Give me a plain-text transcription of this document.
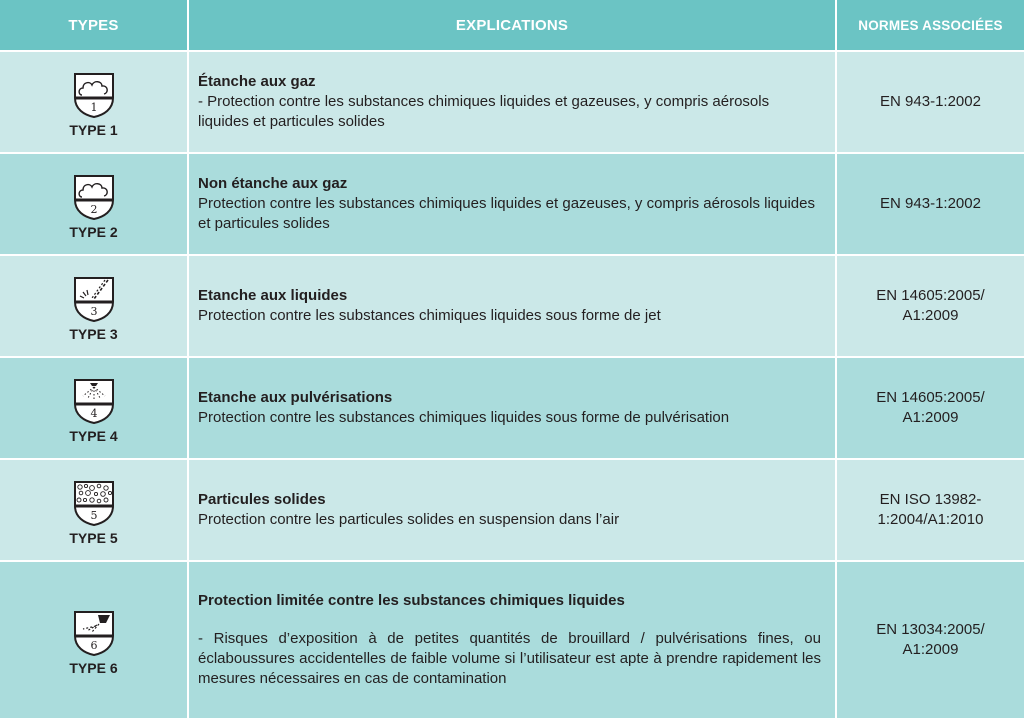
TYPES	EXPLICATIONS	NORMES ASSOCIÉES
1
TYPE 1
Étanche aux gaz
- Protection contre les substances chimiques liquides et gazeuses, y compris aérosols liquides et particules solides
EN 943-1:2002
2
TYPE 2
Non étanche aux gaz
Protection contre les substances chimiques liquides et gazeuses, y compris aérosols liquides et particules solides
EN 943-1:2002
3
TYPE 3
Etanche aux liquides
Protection contre les substances chimiques liquides sous forme de jet
EN 14605:2005/ A1:2009
4
TYPE 4
Etanche aux pulvérisations
Protection contre les substances chimiques liquides sous forme de pulvérisation
EN 14605:2005/ A1:2009
5
TYPE 5
Particules solides
Protection contre les particules solides en suspension dans l’air
EN ISO 13982-1:2004/A1:2010
6
TYPE 6
Protection limitée contre les substances chimiques liquides
- Risques d’exposition à de petites quantités de brouillard / pulvérisations fines, ou éclaboussures accidentelles de faible volume si l’utilisateur est apte à prendre rapidement les mesures nécessaires en cas de contamination
EN 13034:2005/ A1:2009
